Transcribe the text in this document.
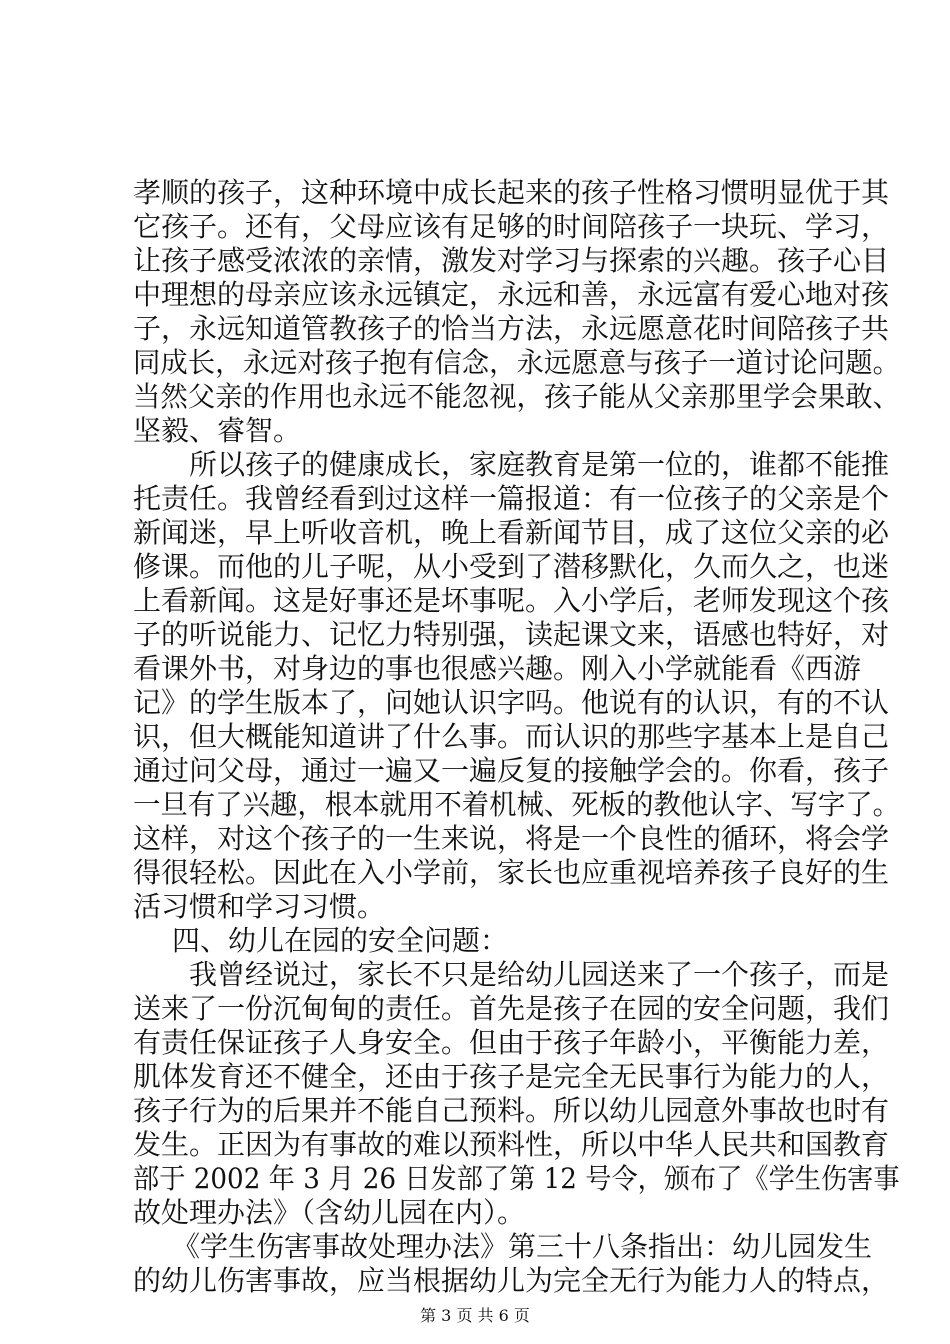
孝顺的孩子，这种环境中成长起来的孩子性格习惯明显优于其
它孩子。还有，父母应该有足够的时间陪孩子一块玩、学习，
让孩子感受浓浓的亲情，激发对学习与探索的兴趣。孩子心目
中理想的母亲应该永远镇定，永远和善，永远富有爱心地对孩
子，永远知道管教孩子的恰当方法，永远愿意花时间陪孩子共
同成长，永远对孩子抱有信念，永远愿意与孩子一道讨论问题。
当然父亲的作用也永远不能忽视，孩子能从父亲那里学会果敢、
坚毅、睿智。
所以孩子的健康成长，家庭教育是第一位的，谁都不能推
托责任。我曾经看到过这样一篇报道：有一位孩子的父亲是个
新闻迷，早上听收音机，晚上看新闻节目，成了这位父亲的必
修课。而他的儿子呢，从小受到了潜移默化，久而久之，也迷
上看新闻。这是好事还是坏事呢。入小学后，老师发现这个孩
子的听说能力、记忆力特别强，读起课文来，语感也特好，对
看课外书，对身边的事也很感兴趣。刚入小学就能看《西游
记》的学生版本了，问她认识字吗。他说有的认识，有的不认
识，但大概能知道讲了什么事。而认识的那些字基本上是自己
通过问父母，通过一遍又一遍反复的接触学会的。你看，孩子
一旦有了兴趣，根本就用不着机械、死板的教他认字、写字了。
这样，对这个孩子的一生来说，将是一个良性的循环，将会学
得很轻松。因此在入小学前，家长也应重视培养孩子良好的生
活习惯和学习习惯。
四、幼儿在园的安全问题：
我曾经说过，家长不只是给幼儿园送来了一个孩子，而是
送来了一份沉甸甸的责任。首先是孩子在园的安全问题，我们
有责任保证孩子人身安全。但由于孩子年龄小，平衡能力差，
肌体发育还不健全，还由于孩子是完全无民事行为能力的人，
孩子行为的后果并不能自己预料。所以幼儿园意外事故也时有
发生。正因为有事故的难以预料性，所以中华人民共和国教育
部于 2002 年 3 月 26 日发部了第 12 号令，颁布了《学生伤害事
故处理办法》（含幼儿园在内）。
《学生伤害事故处理办法》第三十八条指出：幼儿园发生
的幼儿伤害事故，应当根据幼儿为完全无行为能力人的特点，
第 3 页 共 6 页
